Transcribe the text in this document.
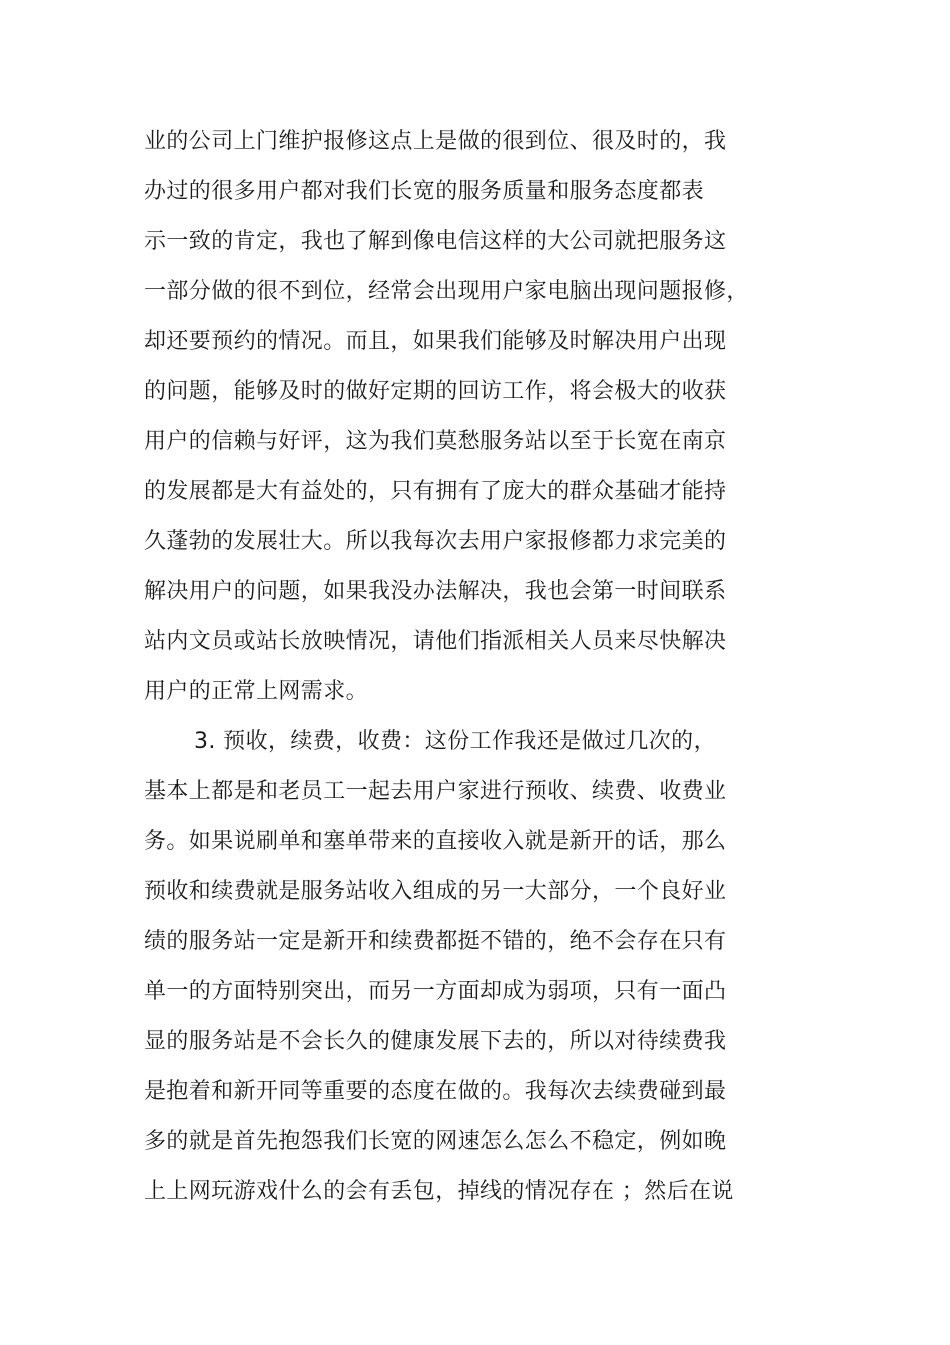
业的公司上门维护报修这点上是做的很到位、很及时的，我
办过的很多用户都对我们长宽的服务质量和服务态度都表
示一致的肯定，我也了解到像电信这样的大公司就把服务这
一部分做的很不到位，经常会出现用户家电脑出现问题报修，
却还要预约的情况。而且，如果我们能够及时解决用户出现
的问题，能够及时的做好定期的回访工作，将会极大的收获
用户的信赖与好评，这为我们莫愁服务站以至于长宽在南京
的发展都是大有益处的，只有拥有了庞大的群众基础才能持
久蓬勃的发展壮大。所以我每次去用户家报修都力求完美的
解决用户的问题，如果我没办法解决，我也会第一时间联系
站内文员或站长放映情况，请他们指派相关人员来尽快解决
用户的正常上网需求。
3. 预收，续费，收费：这份工作我还是做过几次的，
基本上都是和老员工一起去用户家进行预收、续费、收费业
务。如果说刷单和塞单带来的直接收入就是新开的话，那么
预收和续费就是服务站收入组成的另一大部分，一个良好业
绩的服务站一定是新开和续费都挺不错的，绝不会存在只有
单一的方面特别突出，而另一方面却成为弱项，只有一面凸
显的服务站是不会长久的健康发展下去的，所以对待续费我
是抱着和新开同等重要的态度在做的。我每次去续费碰到最
多的就是首先抱怨我们长宽的网速怎么怎么不稳定，例如晚
上上网玩游戏什么的会有丢包，掉线的情况存在 ；然后在说
